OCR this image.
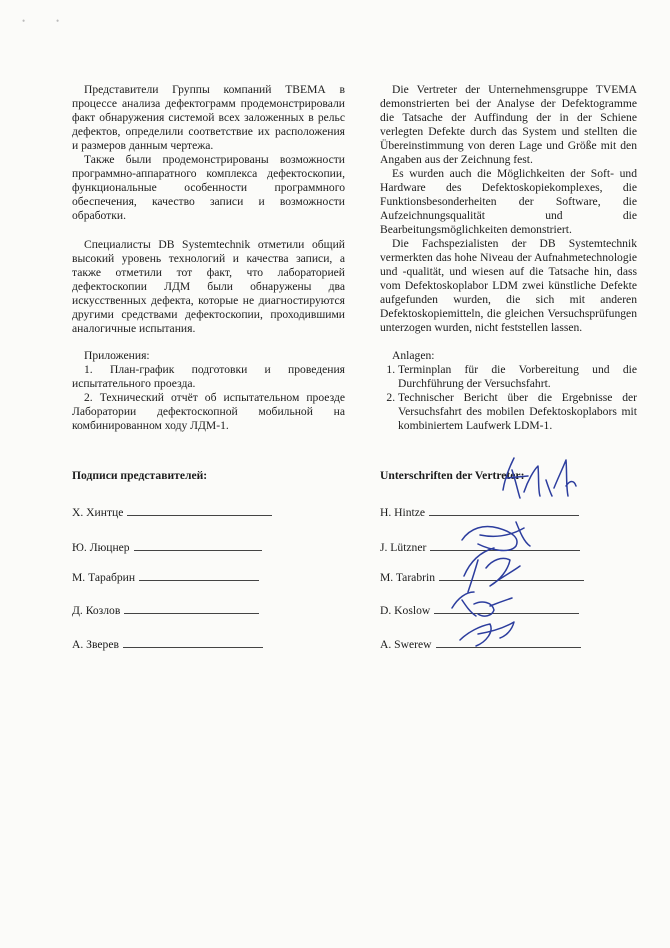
•	•

Представители Группы компаний ТВЕМА в процессе анализа дефектограмм продемонстрировали факт обнаружения системой всех заложенных в рельс дефектов, определили соответствие их расположения и размеров данным чертежа.

Также были продемонстрированы возможности программно-аппаратного комплекса дефектоскопии, функциональные особенности программного обеспечения, качество записи и возможности обработки.

Специалисты DB Systemtechnik отметили общий высокий уровень технологий и качества записи, а также отметили тот факт, что лабораторией дефектоскопии ЛДМ были обнаружены два искусственных дефекта, которые не диагностируются другими средствами дефектоскопии, проходившими аналогичные испытания.

Приложения:

1. План-график подготовки и проведения испытательного проезда.

2. Технический отчёт об испытательном проезде Лаборатории дефектоскопной мобильной на комбинированном ходу ЛДМ-1.

Подписи представителей:

Х. Хинтце
Ю. Люцнер
М. Тарабрин
Д. Козлов
А. Зверев

Die Vertreter der Unternehmensgruppe TVEMA demonstrierten bei der Analyse der Defektogramme die Tatsache der Auffindung der in der Schiene verlegten Defekte durch das System und stellten die Übereinstimmung von deren Lage und Größe mit den Angaben aus der Zeichnung fest.

Es wurden auch die Möglichkeiten der Soft- und Hardware des Defektoskopiekomplexes, die Funktionsbesonderheiten der Software, die Aufzeichnungsqualität und die Bearbeitungsmöglichkeiten demonstriert.

Die Fachspezialisten der DB Systemtechnik vermerkten das hohe Niveau der Aufnahmetechnologie und -qualität, und wiesen auf die Tatsache hin, dass vom Defektoskoplabor LDM zwei künstliche Defekte aufgefunden wurden, die sich mit anderen Defektoskopiemitteln, die gleichen Versuchsprüfungen unterzogen wurden, nicht feststellen lassen.

Anlagen:

1. Terminplan für die Vorbereitung und die Durchführung der Versuchsfahrt.
2. Technischer Bericht über die Ergebnisse der Versuchsfahrt des mobilen Defektoskoplabors mit kombiniertem Laufwerk LDM-1.

Unterschriften der Vertreter:

H. Hintze
J. Lützner
M. Tarabrin
D. Koslow
A. Swerew
